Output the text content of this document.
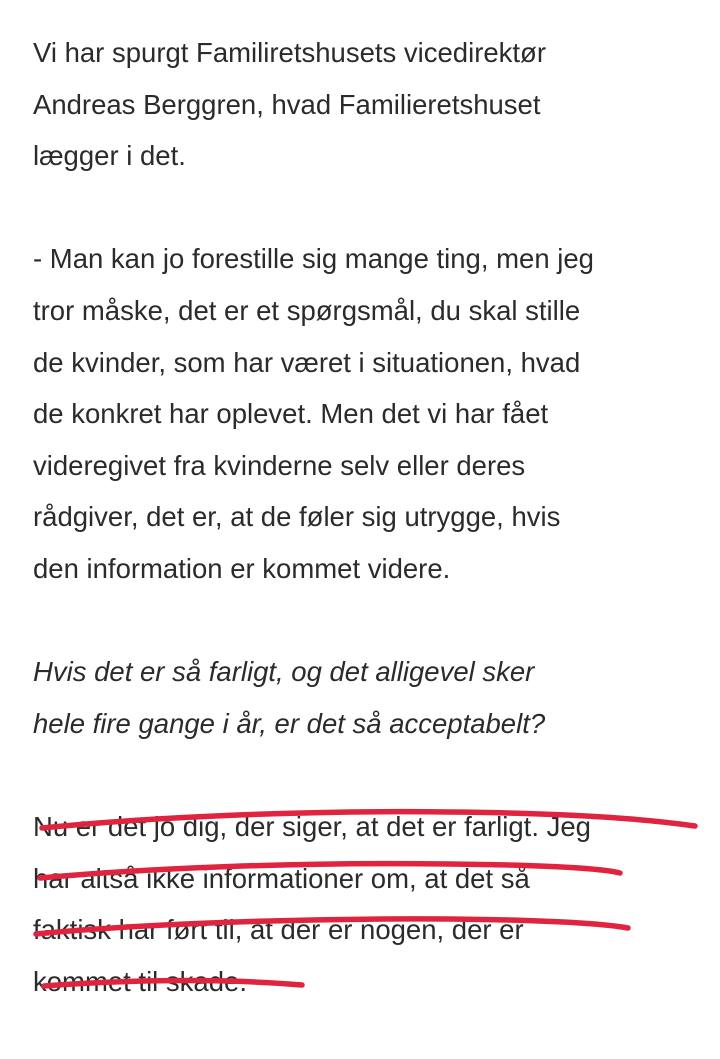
Vi har spurgt Familiretshusets vicedirektør
Andreas Berggren, hvad Familieretshuset
lægger i det.

- Man kan jo forestille sig mange ting, men jeg
tror måske, det er et spørgsmål, du skal stille
de kvinder, som har været i situationen, hvad
de konkret har oplevet. Men det vi har fået
videregivet fra kvinderne selv eller deres
rådgiver, det er, at de føler sig utrygge, hvis
den information er kommet videre.

Hvis det er så farligt, og det alligevel sker
hele fire gange i år, er det så acceptabelt?

Nu er det jo dig, der siger, at det er farligt. Jeg
har altså ikke informationer om, at det så
faktisk har ført til, at der er nogen, der er
kommet til skade.
